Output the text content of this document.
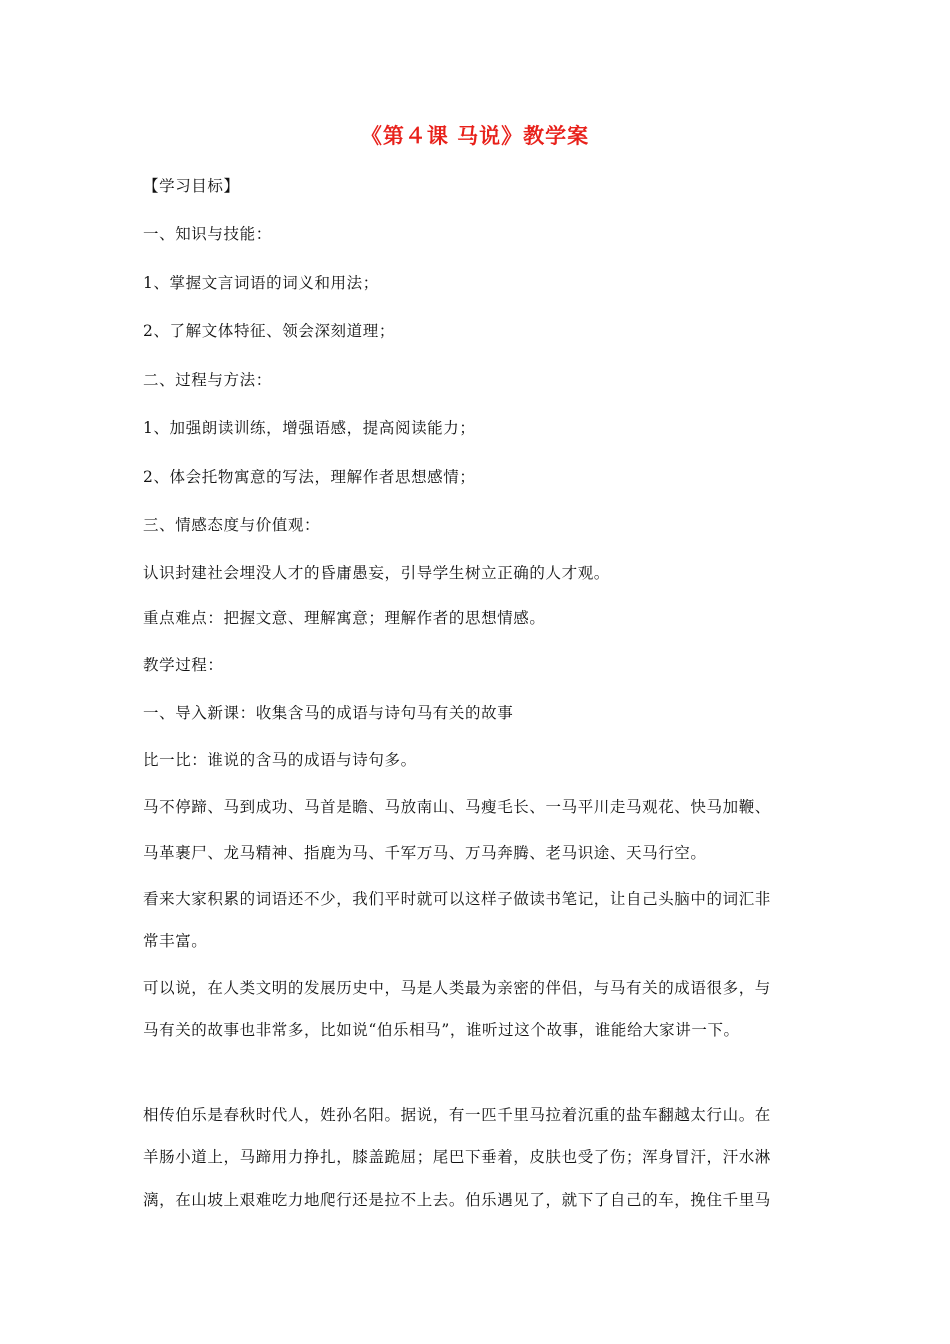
《第４课 马说》教学案
【学习目标】
一、知识与技能：
1、掌握文言词语的词义和用法；
2、了解文体特征、领会深刻道理；
二、过程与方法：
1、加强朗读训练，增强语感，提高阅读能力；
2、体会托物寓意的写法，理解作者思想感情；
三、情感态度与价值观：
认识封建社会埋没人才的昏庸愚妄，引导学生树立正确的人才观。
重点难点：把握文意、理解寓意；理解作者的思想情感。
教学过程：
一、导入新课：收集含马的成语与诗句马有关的故事
比一比：谁说的含马的成语与诗句多。
马不停蹄、马到成功、马首是瞻、马放南山、马瘦毛长、一马平川走马观花、快马加鞭、
马革裹尸、龙马精神、指鹿为马、千军万马、万马奔腾、老马识途、天马行空。
看来大家积累的词语还不少，我们平时就可以这样子做读书笔记，让自己头脑中的词汇非
常丰富。
可以说，在人类文明的发展历史中，马是人类最为亲密的伴侣，与马有关的成语很多，与
马有关的故事也非常多，比如说“伯乐相马”，谁听过这个故事，谁能给大家讲一下。
相传伯乐是春秋时代人，姓孙名阳。据说，有一匹千里马拉着沉重的盐车翻越太行山。在
羊肠小道上，马蹄用力挣扎，膝盖跪屈；尾巴下垂着，皮肤也受了伤；浑身冒汗，汗水淋
漓，在山坡上艰难吃力地爬行还是拉不上去。伯乐遇见了，就下了自己的车，挽住千里马
